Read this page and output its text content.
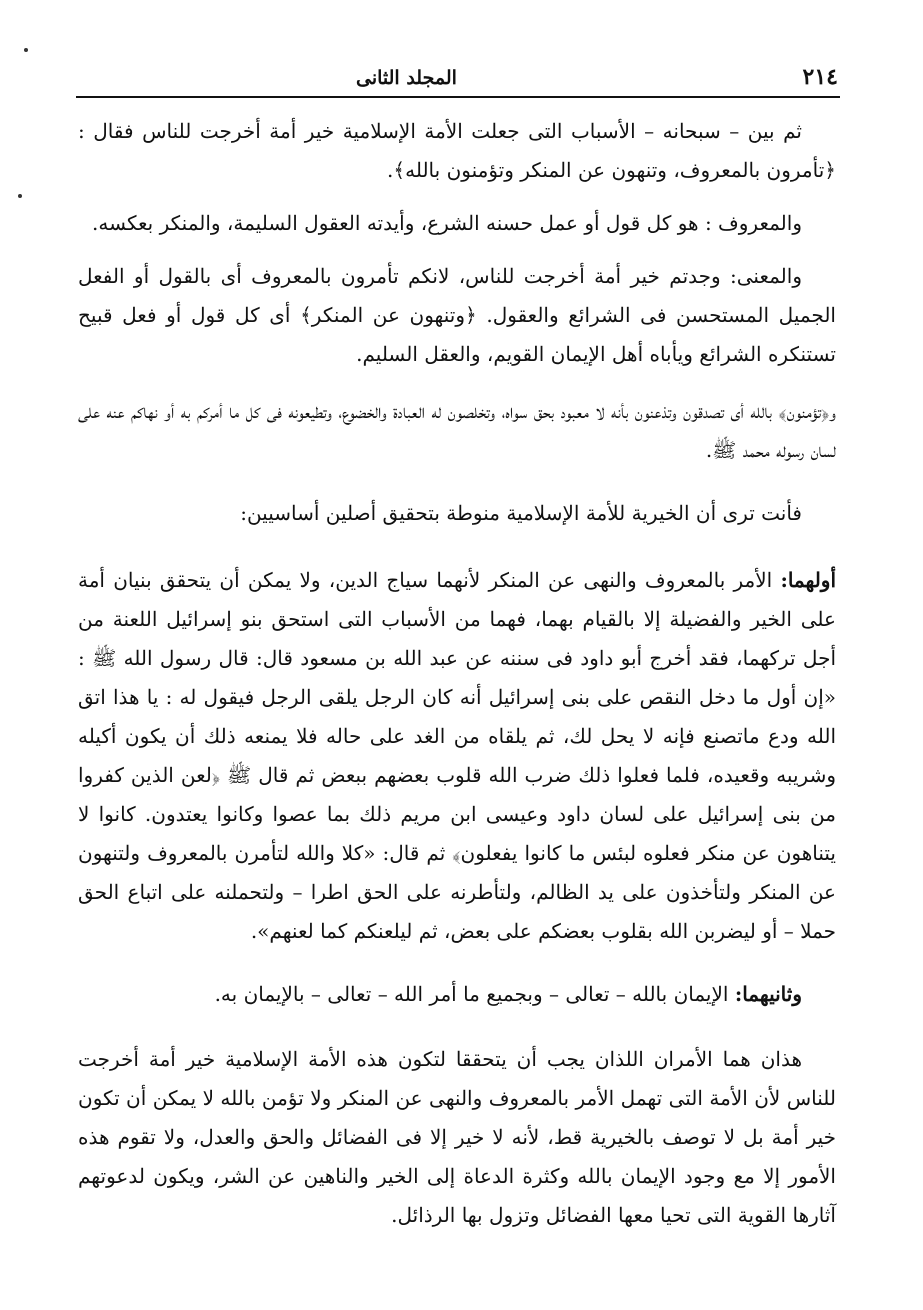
٢١٤
المجلد الثانى

ثم بين – سبحانه – الأسباب التى جعلت الأمة الإسلامية خير أمة أخرجت للناس فقال : ﴿تأمرون بالمعروف، وتنهون عن المنكر وتؤمنون بالله﴾.

والمعروف : هو كل قول أو عمل حسنه الشرع، وأيدته العقول السليمة، والمنكر بعكسه.

والمعنى: وجدتم خير أمة أخرجت للناس، لانكم تأمرون بالمعروف أى بالقول أو الفعل الجميل المستحسن فى الشرائع والعقول. ﴿وتنهون عن المنكر﴾ أى كل قول أو فعل قبيح تستنكره الشرائع ويأباه أهل الإيمان القويم، والعقل السليم.

و﴿تؤمنون﴾ بالله أى تصدقون وتذعنون بأنه لا معبود بحق سواه، وتخلصون له العبادة والخضوع، وتطيعونه فى كل ما أمركم به أو نهاكم عنه على لسان رسوله محمد ﷺ.

فأنت ترى أن الخيرية للأمة الإسلامية منوطة بتحقيق أصلين أساسيين:

أولهما: الأمر بالمعروف والنهى عن المنكر لأنهما سياج الدين، ولا يمكن أن يتحقق بنيان أمة على الخير والفضيلة إلا بالقيام بهما، فهما من الأسباب التى استحق بنو إسرائيل اللعنة من أجل تركهما، فقد أخرج أبو داود فى سننه عن عبد الله بن مسعود قال: قال رسول الله ﷺ : «إن أول ما دخل النقص على بنى إسرائيل أنه كان الرجل يلقى الرجل فيقول له : يا هذا اتق الله ودع ماتصنع فإنه لا يحل لك، ثم يلقاه من الغد على حاله فلا يمنعه ذلك أن يكون أكيله وشريبه وقعيده، فلما فعلوا ذلك ضرب الله قلوب بعضهم ببعض ثم قال ﷺ ﴿لعن الذين كفروا من بنى إسرائيل على لسان داود وعيسى ابن مريم ذلك بما عصوا وكانوا يعتدون. كانوا لا يتناهون عن منكر فعلوه لبئس ما كانوا يفعلون﴾ ثم قال: «كلا والله لتأمرن بالمعروف ولتنهون عن المنكر ولتأخذون على يد الظالم، ولتأطرنه على الحق اطرا – ولتحملنه على اتباع الحق حملا – أو ليضربن الله بقلوب بعضكم على بعض، ثم ليلعنكم كما لعنهم».

وثانيهما: الإيمان بالله – تعالى – وبجميع ما أمر الله – تعالى – بالإيمان به.

هذان هما الأمران اللذان يجب أن يتحققا لتكون هذه الأمة الإسلامية خير أمة أخرجت للناس لأن الأمة التى تهمل الأمر بالمعروف والنهى عن المنكر ولا تؤمن بالله لا يمكن أن تكون خير أمة بل لا توصف بالخيرية قط، لأنه لا خير إلا فى الفضائل والحق والعدل، ولا تقوم هذه الأمور إلا مع وجود الإيمان بالله وكثرة الدعاة إلى الخير والناهين عن الشر، ويكون لدعوتهم آثارها القوية التى تحيا معها الفضائل وتزول بها الرذائل.
